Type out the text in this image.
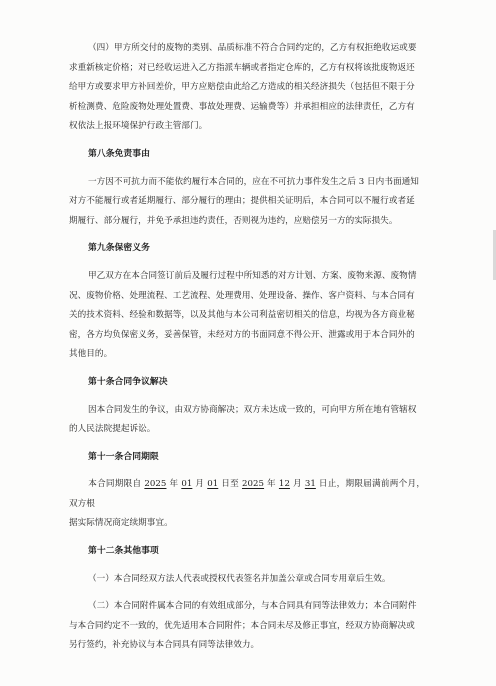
（四）甲方所交付的废物的类别、品质标准不符合合同约定的，乙方有权拒绝收运或要
求重新核定价格；对已经收运进入乙方指派车辆或者指定仓库的，乙方有权将该批废物返还
给甲方或要求甲方补回差价，甲方应赔偿由此给乙方造成的相关经济损失（包括但不限于分
析检测费、危险废物处理处置费、事故处理费、运输费等）并承担相应的法律责任，乙方有
权依法上报环境保护行政主管部门。

第八条免责事由

一方因不可抗力而不能依约履行本合同的，应在不可抗力事件发生之后 3 日内书面通知
对方不能履行或者延期履行、部分履行的理由；提供相关证明后，本合同可以不履行或者延
期履行、部分履行，并免予承担违约责任，否则视为违约，应赔偿另一方的实际损失。

第九条保密义务

甲乙双方在本合同签订前后及履行过程中所知悉的对方计划、方案、废物来源、废物情
况、废物价格、处理流程、工艺流程、处理费用、处理设备、操作、客户资料、与本合同有
关的技术资料、经验和数据等，以及其他与本公司利益密切相关的信息，均视为各方商业秘
密，各方均负保密义务，妥善保管，未经对方的书面同意不得公开、泄露或用于本合同外的
其他目的。

第十条合同争议解决

因本合同发生的争议，由双方协商解决；双方未达成一致的，可向甲方所在地有管辖权
的人民法院提起诉讼。

第十一条合同期限

本合同期限自 2025 年 01 月 01 日至 2025 年 12 月 31 日止，期限届满前两个月，双方根
据实际情况商定续期事宜。

第十二条其他事项

（一）本合同经双方法人代表或授权代表签名并加盖公章或合同专用章后生效。

（二）本合同附件属本合同的有效组成部分，与本合同具有同等法律效力；本合同附件
与本合同约定不一致的，优先适用本合同附件；本合同未尽及修正事宜，经双方协商解决或
另行签约，补充协议与本合同具有同等法律效力。
